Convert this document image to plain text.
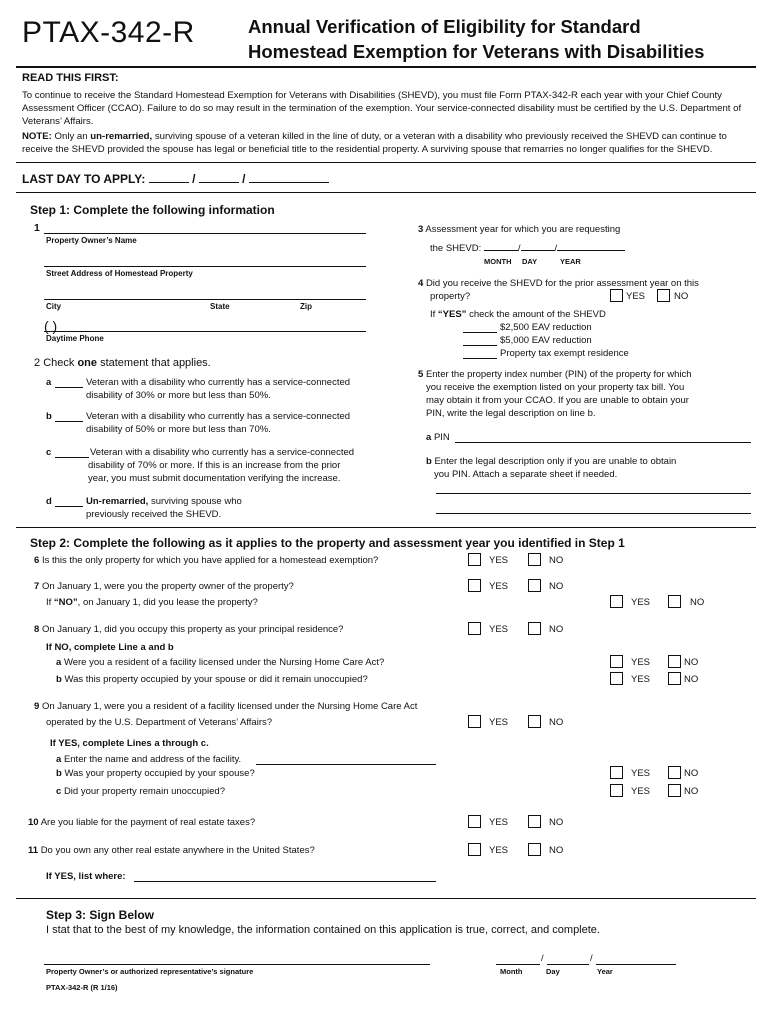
PTAX-342-R	Annual Verification of Eligibility for Standard
Homestead Exemption for Veterans with Disabilities
READ THIS FIRST:
To continue to receive the Standard Homestead Exemption for Veterans with Disabilities (SHEVD), you must file Form PTAX-342-R each year with your Chief County Assessment Officer (CCAO). Failure to do so may result in the termination of the exemption. Your service-connected disability must be certified by the U.S. Department of Veterans’ Affairs.
NOTE: Only an un-remarried, surviving spouse of a veteran killed in the line of duty, or a veteran with a disability who previously received the SHEVD can continue to receive the SHEVD provided the spouse has legal or beneficial title to the residential property. A surviving spouse that remarries no longer qualifies for the SHEVD.
LAST DAY TO APPLY:	/	/
Step 1: Complete the following information
1
Property Owner’s Name
Street Address of Homestead Property
City	State	Zip
( )
Daytime Phone
2 Check one statement that applies.
a	Veteran with a disability who currently has a service-connected
disability of 30% or more but less than 50%.
b	Veteran with a disability who currently has a service-connected
disability of 50% or more but less than 70%.
c	Veteran with a disability who currently has a service-connected
disability of 70% or more. If this is an increase from the prior
year, you must submit documentation verifying the increase.
d	Un-remarried, surviving spouse who
previously received the SHEVD.
3 Assessment year for which you are requesting
the SHEVD:	/	/
MONTH DAY	YEAR
4 Did you receive the SHEVD for the prior assessment year on this
property?	YES	NO
If “YES” check the amount of the SHEVD
$2,500 EAV reduction
$5,000 EAV reduction
Property tax exempt residence
5 Enter the property index number (PIN) of the property for which
you receive the exemption listed on your property tax bill. You
may obtain it from your CCAO. If you are unable to obtain your
PIN, write the legal description on line b.
a PIN
b Enter the legal description only if you are unable to obtain
you PIN. Attach a separate sheet if needed.
Step 2: Complete the following as it applies to the property and assessment year you identified in Step 1
6 Is this the only property for which you have applied for a homestead exemption?	YES	NO
7 On January 1, were you the property owner of the property?	YES	NO
If “NO”, on January 1, did you lease the property?	YES	NO
8 On January 1, did you occupy this property as your principal residence?	YES	NO
If NO, complete Line a and b
a Were you a resident of a facility licensed under the Nursing Home Care Act?	YES	NO
b Was this property occupied by your spouse or did it remain unoccupied?	YES	NO
9 On January 1, were you a resident of a facility licensed under the Nursing Home Care Act
operated by the U.S. Department of Veterans’ Affairs?	YES	NO
If YES, complete Lines a through c.
a Enter the name and address of the facility.
b Was your property occupied by your spouse?	YES	NO
c Did your property remain unoccupied?	YES	NO
10 Are you liable for the payment of real estate taxes?	YES	NO
11 Do you own any other real estate anywhere in the United States?	YES	NO
If YES, list where:
Step 3: Sign Below
I stat that to the best of my knowledge, the information contained on this application is true, correct, and complete.
Property Owner’s or authorized representative’s signature
/	/
Month	Day	Year
PTAX-342-R (R 1/16)
